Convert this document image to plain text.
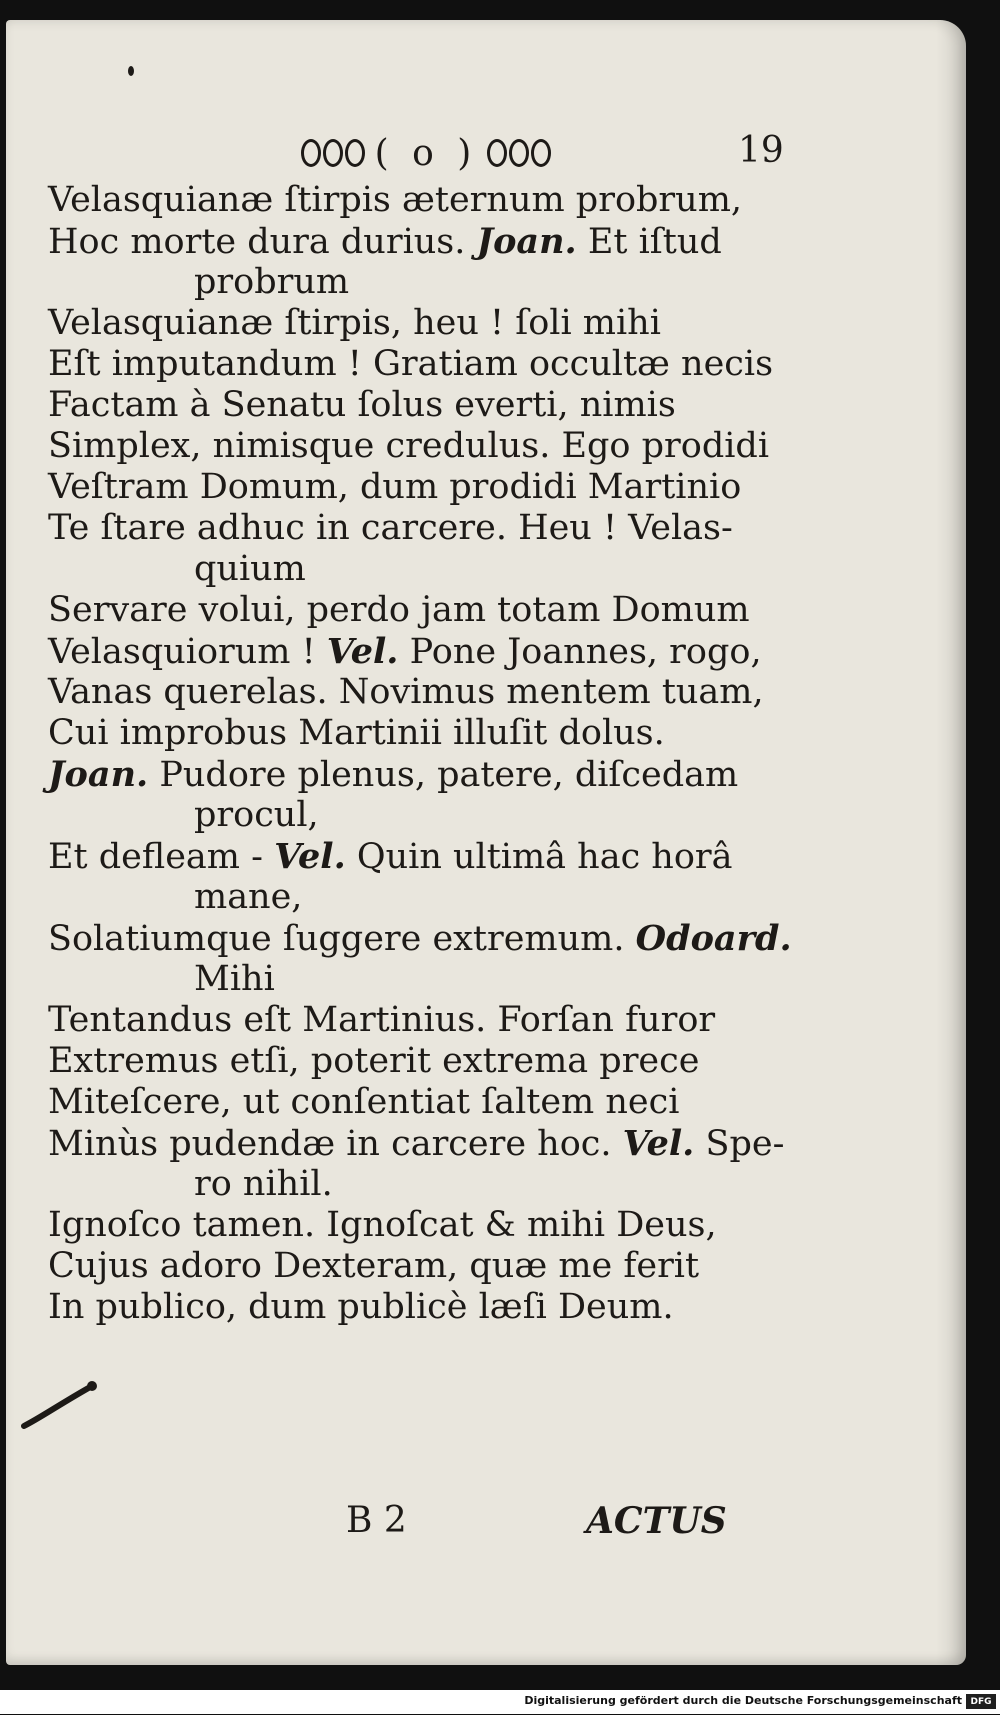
( o )	19
Velasquianæ ſtirpis æternum probrum,
Hoc morte dura durius. Joan. Et iſtud
probrum
Velasquianæ ſtirpis, heu ! ſoli mihi
Eſt imputandum ! Gratiam occultæ necis
Factam à Senatu ſolus everti, nimis
Simplex, nimisque credulus. Ego prodidi
Veſtram Domum, dum prodidi Martinio
Te ſtare adhuc in carcere. Heu ! Velas-
quium
Servare volui, perdo jam totam Domum
Velasquiorum ! Vel. Pone Joannes, rogo,
Vanas querelas. Novimus mentem tuam,
Cui improbus Martinii illuſit dolus.
Joan. Pudore plenus, patere, diſcedam
procul,
Et defleam - Vel. Quin ultimâ hac horâ
mane,
Solatiumque ſuggere extremum. Odoard.
Mihi
Tentandus eſt Martinius. Forſan furor
Extremus etſi, poterit extrema prece
Miteſcere, ut conſentiat ſaltem neci
Minùs pudendæ in carcere hoc. Vel. Spe-
ro nihil.
Ignoſco tamen. Ignoſcat & mihi Deus,
Cujus adoro Dexteram, quæ me ferit
In publico, dum publicè læſi Deum.
B 2	ACTUS
Digitalisierung gefördert durch die Deutsche Forschungsgemeinschaft DFG
